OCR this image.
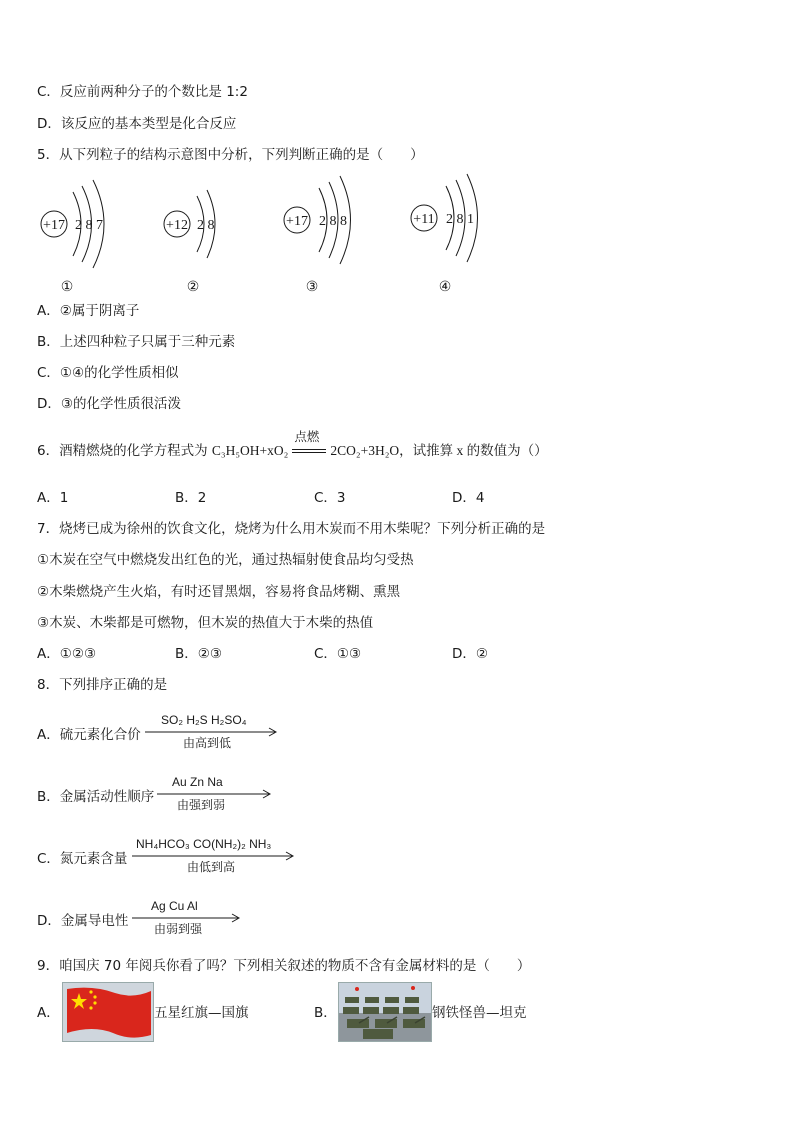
C．反应前两种分子的个数比是 1:2
D．该反应的基本类型是化合反应
5．从下列粒子的结构示意图中分析，下列判断正确的是（　　）
+17 2 8 7
①
+12 2 8
②
+17 2 8 8
③
+11 2 8 1
④
A．②属于阴离子
B．上述四种粒子只属于三种元素
C．①④的化学性质相似
D．③的化学性质很活泼
6．酒精燃烧的化学方程式为 C₃H₅OH+xO₂
点燃
2CO₂+3H₂O，试推算 x 的数值为（）
A．1	B．2	C．3	D．4
7．烧烤已成为徐州的饮食文化，烧烤为什么用木炭而不用木柴呢？下列分析正确的是
①木炭在空气中燃烧发出红色的光，通过热辐射使食品均匀受热
②木柴燃烧产生火焰，有时还冒黑烟，容易将食品烤糊、熏黑
③木炭、木柴都是可燃物，但木炭的热值大于木柴的热值
A．①②③	B．②③	C．①③	D．②
8．下列排序正确的是
A．硫元素化合价
SO₂ H₂S H₂SO₄
由高到低
B．金属活动性顺序
Au Zn Na
由强到弱
C．氮元素含量
NH₄HCO₃ CO(NH₂)₂ NH₃
由低到高
D．金属导电性
Ag Cu Al
由弱到强
9．咱国庆 70 年阅兵你看了吗？下列相关叙述的物质不含有金属材料的是（　　）
A．	五星红旗—国旗	B．	钢铁怪兽—坦克
